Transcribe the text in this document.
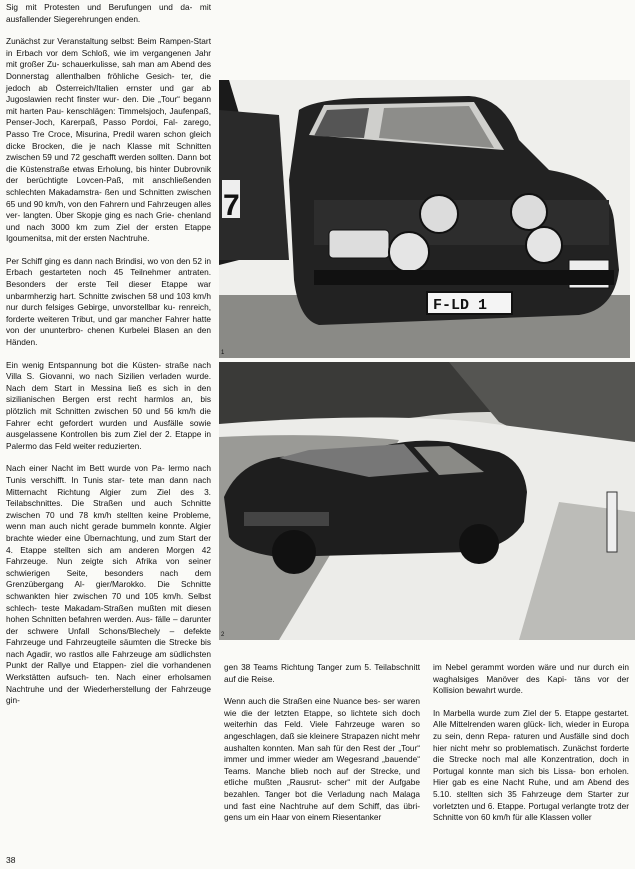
Sig mit Protesten und Berufungen und da- mit ausfallender Siegerehrungen enden.

Zunächst zur Veranstaltung selbst: Beim Rampen-Start in Erbach vor dem Schloß, wie im vergangenen Jahr mit großer Zu- schauerkulisse, sah man am Abend des Donnerstag allenthalben fröhliche Gesich- ter, die jedoch ab Österreich/Italien ernster und gar ab Jugoslawien recht finster wur- den. Die „Tour“ begann mit harten Pau- kenschlägen: Timmelsjoch, Jaufenpaß, Penser-Joch, Karerpaß, Passo Pordoi, Fal- zarego, Passo Tre Croce, Misurina, Predil waren schon gleich dicke Brocken, die je nach Klasse mit Schnitten zwischen 59 und 72 geschafft werden sollten. Dann bot die Küstenstraße etwas Erholung, bis hinter Dubrovnik der berüchtigte Lovcen-Paß, mit anschließenden schlechten Makadamstra- ßen und Schnitten zwischen 65 und 90 km/h, von den Fahrern und Fahrzeugen alles ver- langten. Über Skopje ging es nach Grie- chenland und nach 3000 km zum Ziel der ersten Etappe Igoumenitsa, mit der ersten Nachtruhe.

Per Schiff ging es dann nach Brindisi, wo von den 52 in Erbach gestarteten noch 45 Teilnehmer antraten. Besonders der erste Teil dieser Etappe war unbarmherzig hart. Schnitte zwischen 58 und 103 km/h nur durch felsiges Gebirge, unvorstellbar ku- renreich, forderte weiteren Tribut, und gar mancher Fahrer hatte von der ununterbro- chenen Kurbelei Blasen an den Händen.

Ein wenig Entspannung bot die Küsten- straße nach Villa S. Giovanni, wo nach Sizilien verladen wurde. Nach dem Start in Messina ließ es sich in den sizilianischen Bergen erst recht harmlos an, bis plötzlich mit Schnitten zwischen 50 und 56 km/h die Fahrer echt gefordert wurden und Ausfälle sowie ausgelassene Kontrollen bis zum Ziel der 2. Etappe in Palermo das Feld weiter reduzierten.

Nach einer Nacht im Bett wurde von Pa- lermo nach Tunis verschifft. In Tunis star- tete man dann nach Mitternacht Richtung Algier zum Ziel des 3. Teilabschnittes. Die Straßen und auch Schnitte zwischen 70 und 78 km/h stellten keine Probleme, wenn man auch nicht gerade bummeln konnte. Algier brachte wieder eine Übernachtung, und zum Start der 4. Etappe stellten sich am anderen Morgen 42 Fahrzeuge. Nun zeigte sich Afrika von seiner schwierigen Seite, besonders nach dem Grenzübergang Al- gier/Marokko. Die Schnitte schwankten hier zwischen 70 und 105 km/h. Selbst schlech- teste Makadam-Straßen mußten mit diesen hohen Schnitten befahren werden. Aus- fälle – darunter der schwere Unfall Schons/Blechely – defekte Fahrzeuge und Fahrzeugteile säumten die Strecke bis nach Agadir, wo rastlos alle Fahrzeuge am südlichsten Punkt der Rallye und Etappen- ziel die vorhandenen Werkstätten aufsuch- ten. Nach einer erholsamen Nachtruhe und der Wiederherstellung der Fahrzeuge gin-

7
F-LD 1
1
2

gen 38 Teams Richtung Tanger zum 5. Teilabschnitt auf die Reise.

Wenn auch die Straßen eine Nuance bes- ser waren wie die der letzten Etappe, so lichtete sich doch weiterhin das Feld. Viele Fahrzeuge waren so angeschlagen, daß sie kleinere Strapazen nicht mehr aushalten konnten. Man sah für den Rest der „Tour“ immer und immer wieder am Wegesrand „bauende“ Teams. Manche blieb noch auf der Strecke, und etliche mußten „Rausrut- scher“ mit der Aufgabe bezahlen. Tanger bot die Verladung nach Malaga und fast eine Nachtruhe auf dem Schiff, das übri- gens um ein Haar von einem Riesentanker

im Nebel gerammt worden wäre und nur durch ein waghalsiges Manöver des Kapi- täns vor der Kollision bewahrt wurde.

In Marbella wurde zum Ziel der 5. Etappe gestartet. Alle Mittelrenden waren glück- lich, wieder in Europa zu sein, denn Repa- raturen und Ausfälle sind doch hier nicht mehr so problematisch. Zunächst forderte die Strecke noch mal alle Konzentration, doch in Portugal konnte man sich bis Lissa- bon erholen. Hier gab es eine Nacht Ruhe, und am Abend des 5.10. stellten sich 35 Fahrzeuge dem Starter zur vorletzten und 6. Etappe. Portugal verlangte trotz der Schnitte von 60 km/h für alle Klassen voller

38
